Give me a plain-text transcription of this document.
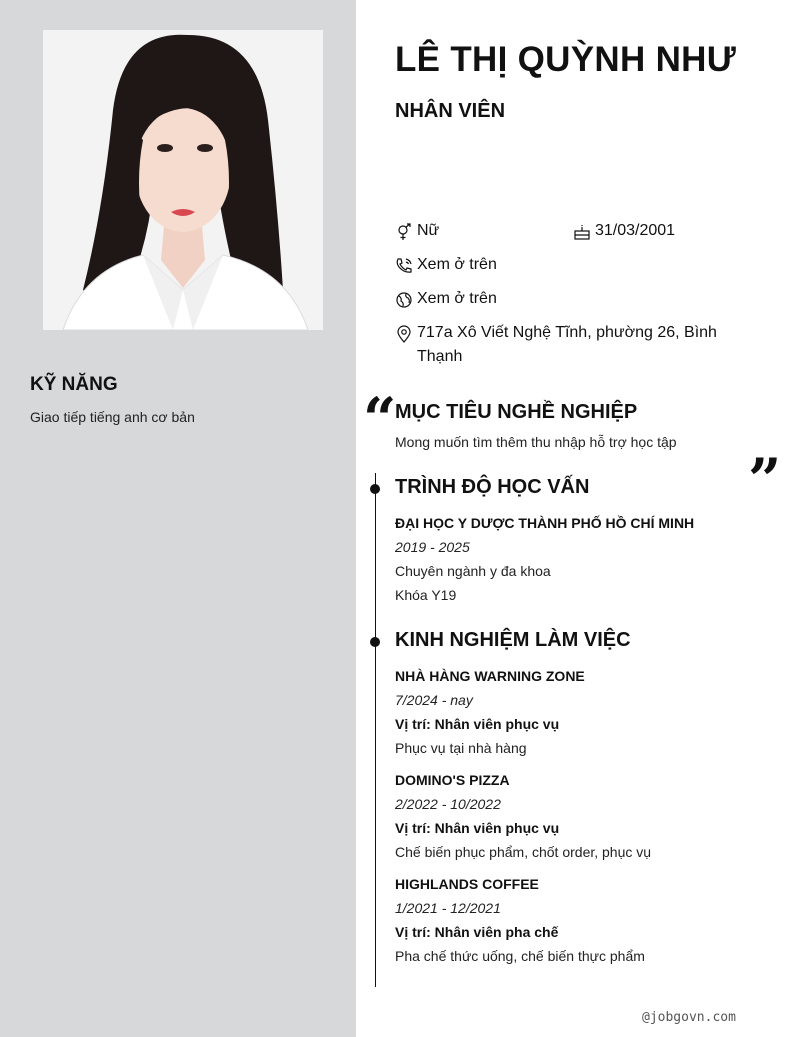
KỸ NĂNG
Giao tiếp tiếng anh cơ bản
LÊ THỊ QUỲNH NHƯ
NHÂN VIÊN
Nữ	31/03/2001
Xem ở trên
Xem ở trên
717a Xô Viết Nghệ Tĩnh, phường 26, Bình Thạnh
“
MỤC TIÊU NGHỀ NGHIỆP
Mong muốn tìm thêm thu nhập hỗ trợ học tập
”
TRÌNH ĐỘ HỌC VẤN
ĐẠI HỌC Y DƯỢC THÀNH PHỐ HỒ CHÍ MINH
2019 - 2025
Chuyên ngành y đa khoa
Khóa Y19
KINH NGHIỆM LÀM VIỆC
NHÀ HÀNG WARNING ZONE
7/2024 - nay
Vị trí: Nhân viên phục vụ
Phục vụ tại nhà hàng
DOMINO'S PIZZA
2/2022 - 10/2022
Vị trí: Nhân viên phục vụ
Chế biến phục phẩm, chốt order, phục vụ
HIGHLANDS COFFEE
1/2021 - 12/2021
Vị trí: Nhân viên pha chế
Pha chế thức uống, chế biến thực phẩm
@jobgovn.com
